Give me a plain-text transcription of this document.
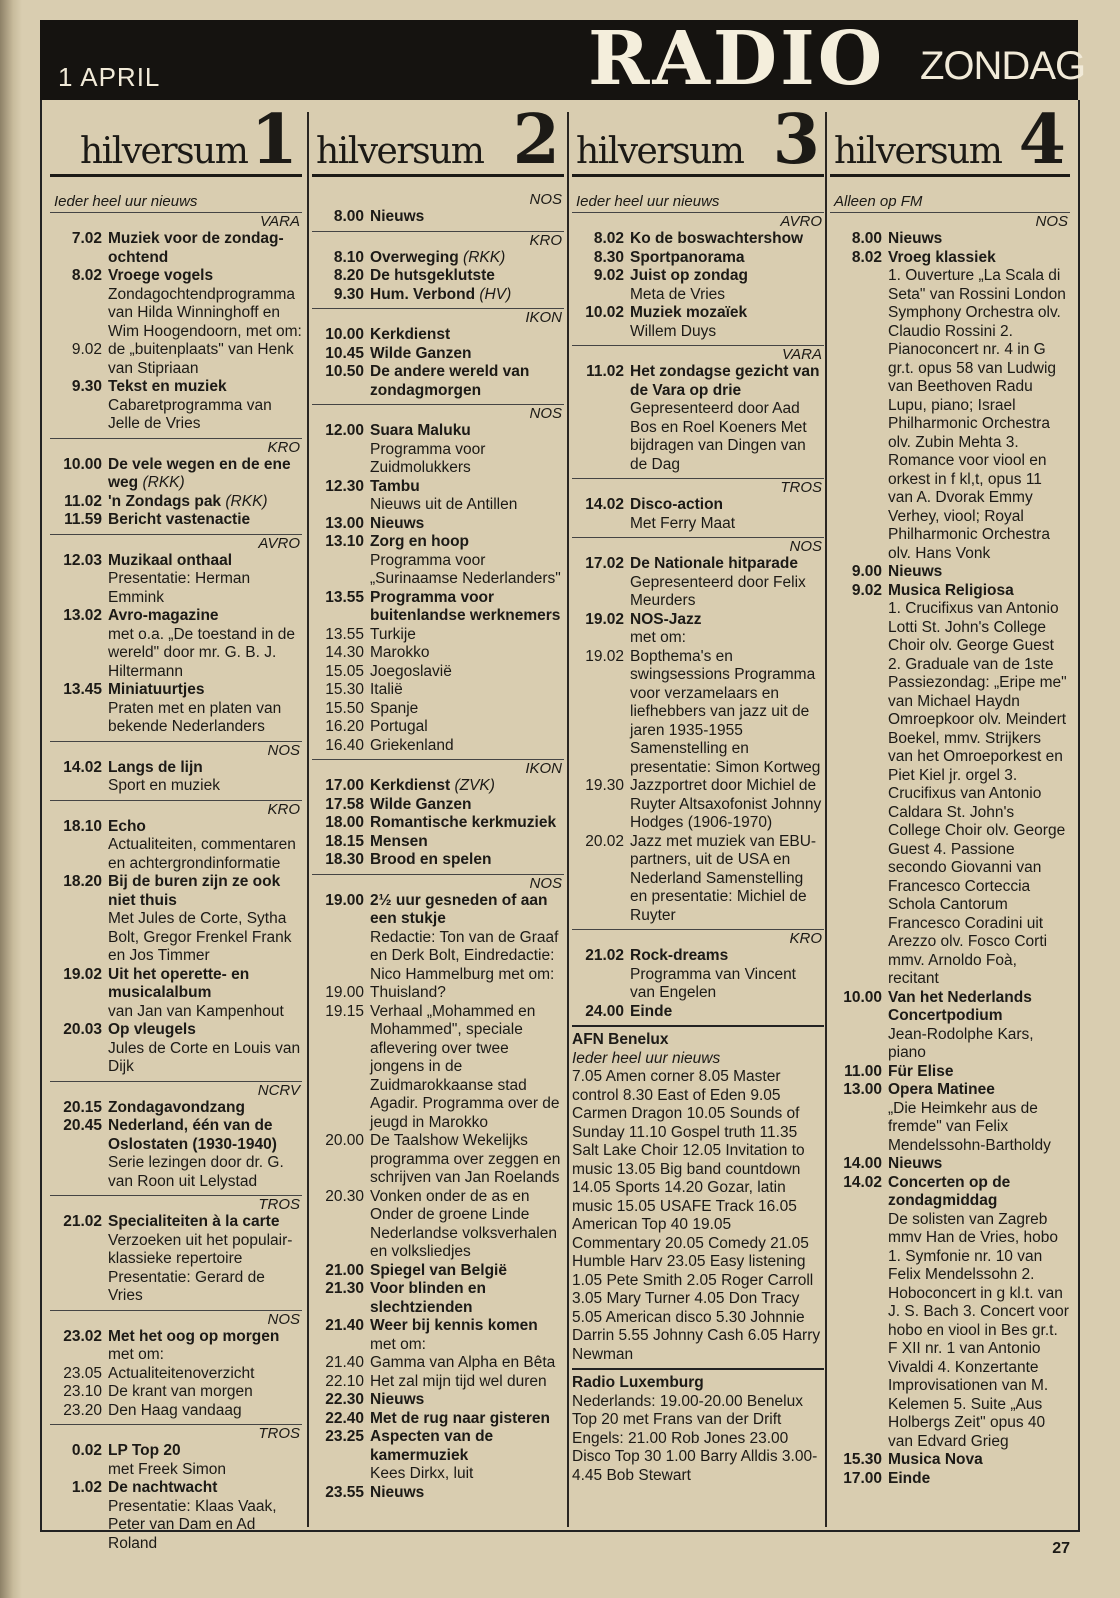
1 APRIL	RADIO ZONDAG
hilversum 1
Ieder heel uur nieuws
VARA
7.02 Muziek voor de zondag-ochtend
8.02 Vroege vogels
Zondagochtendprogramma van Hilda Winninghoff en Wim Hoogendoorn, met om:
9.02 de „buitenplaats" van Henk van Stipriaan
9.30 Tekst en muziek
Cabaretprogramma van Jelle de Vries
KRO
10.00 De vele wegen en de ene weg (RKK)
11.02 'n Zondags pak (RKK)
11.59 Bericht vastenactie
AVRO
12.03 Muzikaal onthaal
Presentatie: Herman Emmink
13.02 Avro-magazine
met o.a. „De toestand in de wereld" door mr. G. B. J. Hiltermann
13.45 Miniatuurtjes
Praten met en platen van bekende Nederlanders
NOS
14.02 Langs de lijn
Sport en muziek
KRO
18.10 Echo
Actualiteiten, commentaren en achtergrondinformatie
18.20 Bij de buren zijn ze ook niet thuis
Met Jules de Corte, Sytha Bolt, Gregor Frenkel Frank en Jos Timmer
19.02 Uit het operette- en musicalalbum
van Jan van Kampenhout
20.03 Op vleugels
Jules de Corte en Louis van Dijk
NCRV
20.15 Zondagavondzang
20.45 Nederland, één van de Oslostaten (1930-1940)
Serie lezingen door dr. G. van Roon uit Lelystad
TROS
21.02 Specialiteiten à la carte
Verzoeken uit het populair-klassieke repertoire Presentatie: Gerard de Vries
NOS
23.02 Met het oog op morgen
met om:
23.05 Actualiteitenoverzicht
23.10 De krant van morgen
23.20 Den Haag vandaag
TROS
0.02 LP Top 20
met Freek Simon
1.02 De nachtwacht
Presentatie: Klaas Vaak, Peter van Dam en Ad Roland
hilversum 2
NOS
8.00 Nieuws
KRO
8.10 Overweging (RKK)
8.20 De hutsgeklutste
9.30 Hum. Verbond (HV)
IKON
10.00 Kerkdienst
10.45 Wilde Ganzen
10.50 De andere wereld van zondagmorgen
NOS
12.00 Suara Maluku
Programma voor Zuidmolukkers
12.30 Tambu
Nieuws uit de Antillen
13.00 Nieuws
13.10 Zorg en hoop
Programma voor „Surinaamse Nederlanders"
13.55 Programma voor buitenlandse werknemers
13.55 Turkije
14.30 Marokko
15.05 Joegoslavië
15.30 Italië
15.50 Spanje
16.20 Portugal
16.40 Griekenland
IKON
17.00 Kerkdienst (ZVK)
17.58 Wilde Ganzen
18.00 Romantische kerkmuziek
18.15 Mensen
18.30 Brood en spelen
NOS
19.00 2½ uur gesneden of aan een stukje
Redactie: Ton van de Graaf en Derk Bolt, Eindredactie: Nico Hammelburg met om:
19.00 Thuisland?
19.15 Verhaal „Mohammed en Mohammed", speciale aflevering over twee jongens in de Zuidmarokkaanse stad Agadir. Programma over de jeugd in Marokko
20.00 De Taalshow Wekelijks programma over zeggen en schrijven van Jan Roelands
20.30 Vonken onder de as en Onder de groene Linde Nederlandse volksverhalen en volksliedjes
21.00 Spiegel van België
21.30 Voor blinden en slechtzienden
21.40 Weer bij kennis komen
met om:
21.40 Gamma van Alpha en Bêta
22.10 Het zal mijn tijd wel duren
22.30 Nieuws
22.40 Met de rug naar gisteren
23.25 Aspecten van de kamermuziek
Kees Dirkx, luit
23.55 Nieuws
hilversum 3
Ieder heel uur nieuws
AVRO
8.02 Ko de boswachtershow
8.30 Sportpanorama
9.02 Juist op zondag
Meta de Vries
10.02 Muziek mozaïek
Willem Duys
VARA
11.02 Het zondagse gezicht van de Vara op drie
Gepresenteerd door Aad Bos en Roel Koeners Met bijdragen van Dingen van de Dag
TROS
14.02 Disco-action
Met Ferry Maat
NOS
17.02 De Nationale hitparade
Gepresenteerd door Felix Meurders
19.02 NOS-Jazz
met om:
19.02 Bopthema's en swingsessions Programma voor verzamelaars en liefhebbers van jazz uit de jaren 1935-1955 Samenstelling en presentatie: Simon Kortweg
19.30 Jazzportret door Michiel de Ruyter Altsaxofonist Johnny Hodges (1906-1970)
20.02 Jazz met muziek van EBU-partners, uit de USA en Nederland Samenstelling en presentatie: Michiel de Ruyter
KRO
21.02 Rock-dreams
Programma van Vincent van Engelen
24.00 Einde
AFN Benelux
Ieder heel uur nieuws
7.05 Amen corner 8.05 Master control 8.30 East of Eden 9.05 Carmen Dragon 10.05 Sounds of Sunday 11.10 Gospel truth 11.35 Salt Lake Choir 12.05 Invitation to music 13.05 Big band countdown 14.05 Sports 14.20 Gozar, latin music 15.05 USAFE Track 16.05 American Top 40 19.05 Commentary 20.05 Comedy 21.05 Humble Harv 23.05 Easy listening 1.05 Pete Smith 2.05 Roger Carroll 3.05 Mary Turner 4.05 Don Tracy 5.05 American disco 5.30 Johnnie Darrin 5.55 Johnny Cash 6.05 Harry Newman
Radio Luxemburg
Nederlands: 19.00-20.00 Benelux Top 20 met Frans van der Drift Engels: 21.00 Rob Jones 23.00 Disco Top 30 1.00 Barry Alldis 3.00-4.45 Bob Stewart
hilversum 4
Alleen op FM
NOS
8.00 Nieuws
8.02 Vroeg klassiek
1. Ouverture „La Scala di Seta" van Rossini London Symphony Orchestra olv. Claudio Rossini 2. Pianoconcert nr. 4 in G gr.t. opus 58 van Ludwig van Beethoven Radu Lupu, piano; Israel Philharmonic Orchestra olv. Zubin Mehta 3. Romance voor viool en orkest in f kl,t, opus 11 van A. Dvorak Emmy Verhey, viool; Royal Philharmonic Orchestra olv. Hans Vonk
9.00 Nieuws
9.02 Musica Religiosa
1. Crucifixus van Antonio Lotti St. John's College Choir olv. George Guest 2. Graduale van de 1ste Passiezondag: „Eripe me" van Michael Haydn Omroepkoor olv. Meindert Boekel, mmv. Strijkers van het Omroeporkest en Piet Kiel jr. orgel 3. Crucifixus van Antonio Caldara St. John's College Choir olv. George Guest 4. Passione secondo Giovanni van Francesco Corteccia Schola Cantorum Francesco Coradini uit Arezzo olv. Fosco Corti mmv. Arnoldo Foà, recitant
10.00 Van het Nederlands Concertpodium
Jean-Rodolphe Kars, piano
11.00 Für Elise
13.00 Opera Matinee
„Die Heimkehr aus de fremde" van Felix Mendelssohn-Bartholdy
14.00 Nieuws
14.02 Concerten op de zondagmiddag
De solisten van Zagreb mmv Han de Vries, hobo 1. Symfonie nr. 10 van Felix Mendelssohn 2. Hoboconcert in g kl.t. van J. S. Bach 3. Concert voor hobo en viool in Bes gr.t. F XII nr. 1 van Antonio Vivaldi 4. Konzertante Improvisationen van M. Kelemen 5. Suite „Aus Holbergs Zeit" opus 40 van Edvard Grieg
15.30 Musica Nova
17.00 Einde
27
